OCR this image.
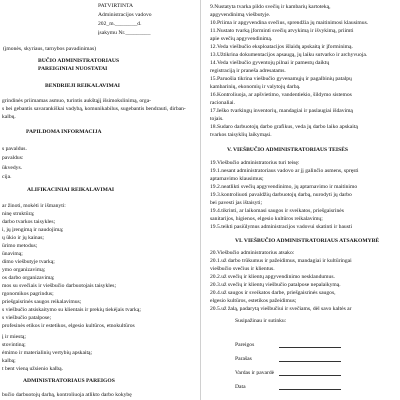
PATVIRTINTA
Administracijos vadovo
202_m.________d.
įsakymu Nr._________
(įmonės, skyriaus, tarnybos pavadinimas)
BUČIO ADMINISTRATORIAUS
PAREIGINIAI NUOSTATAI
BENDRIEJI REIKALAVIMAI
grindinės priimamas asmuo, turintis aukštąjį išsimokslinimą, orga-
s bei gebantis savarankiškai vadybą, komunikabilus, sugebantis bendrauti, dirban-
kalbų.
PAPILDOMA INFORMACIJA
s pavaldus.
pavaldus:
ūkvedys.
cija.
ALIFIKACINIAI REIKALAVIMAI
ar žinoti, mokėti ir išmanyti:
ninę struktūrą;
darbo tvarkos taisykles;
i, jų įrengimą ir naudojimą;
ų ūkio ir jų kainas;
ūrimo metodus;
ūnavimą;
dimo viešbutyje tvarką;
ymo organizavimą;
os darbo organizavimą;
mos su svečiais ir viešbučio darbuotojais taisykles;
rgonomikos pagrindus;
priešgaisrinės saugos reikalavimus;
s viešbučio atsiskaitymo su klientais ir prekių tiekėjais tvarką;
s viešbučio patalpose;
profesinės etikos ir estetikos, elgesio kultūros, etnokultūros
į ir miestą;
stovintiną;
ėmimo ir materialinių vertybių apskaitą;
kalbą;
t bent vieną užsienio kalbą.
ADMINISTRATORIAUS PAREIGOS
bučio darbuotojų darbą, kontroliuoja atlikto darbo kokybę
9.Nustatyta tvarka pildo svečių ir kambarių kartoteką,
apgyvendinimą viešbutyje.
10.Priima ir apgyvendina svečius, sprendžia jų maitinimosi klausimus.
11.Nustato tvarką įforminti svečių atvykimą ir išvykimą, priimti
apie svečių apgyvendinimą.
12.Veda viešbučio eksploatacijos išlaidų apskaitą ir įforminimą.
13.Užtikrina dokumentacijos apsaugą, jų laiku sutvarko ir archyvuoja.
14.Veda viešbučio gyventojų pilnai ir pamestų daiktų
registraciją ir praneša adresatams.
15.Paruošia tikrina viešbučio gyvenamųjų ir pagalbinių patalpų
kambarinių, ekonomių ir valytojų darbą.
16.Kontroliuoja, ar apšvietimo, vandentiekio, šildymo sistemos
racionaliai.
17.Ieško tvarkingų inventorių, mandagiai ir paslaugiai išdavimą
tojais.
18.Sudaro darbuotojų darbo grafikus, veda jų darbo laiko apskaitą
tvarkos taisyklių laikymąsi.
V. VIEŠBUČIO ADMINISTRATORIAUS TEISĖS
19.Viešbučio administratorius turi teisę:
19.1.nesant administratoriaus vadovo ar jį galinčio asmens, spręsti
aptarnavimo klausimus;
19.2.neatlikti svečių apgyvendinimo, jų aptarnavimo ir maitinimo
19.3.kontroliuoti pavaldžių darbuotojų darbą, nurodyti jų darbo
bei pavesti jas ištaisyti;
19.4.tikrinti, ar laikomasi saugos ir sveikatos, priešgaisrinės
sanitarijos, higienos, elgesio kultūros reikalavimų;
19.5.teikti pasiūlymus administracijos vadovui skatinti ir bausti
VI. VIEŠBUČIO ADMINISTRATORIAUS ATSAKOMYBĖ
20.Viešbučio administratorius atsako:
20.1.už darbo trūkumus ir pažeidimus, mandagiai ir kultūringai
viešbučio svečius ir klientus.
20.2.už svečių ir klientų apgyvendinimo nesklandumus.
20.3.už svečių ir klientų viešbučio patalpose nepalaikymą.
20.4.už saugos ir sveikatos darbe, priešgaisrinės saugos,
elgesio kultūros, estetikos pažeidimus;
20.5.už žalą, padarytą viešbučiui ir svečiams, dėl savo kaltės ar
Susipažinau ir sutinku:
Pareigos
Parašas
Vardas ir pavardė
Data
